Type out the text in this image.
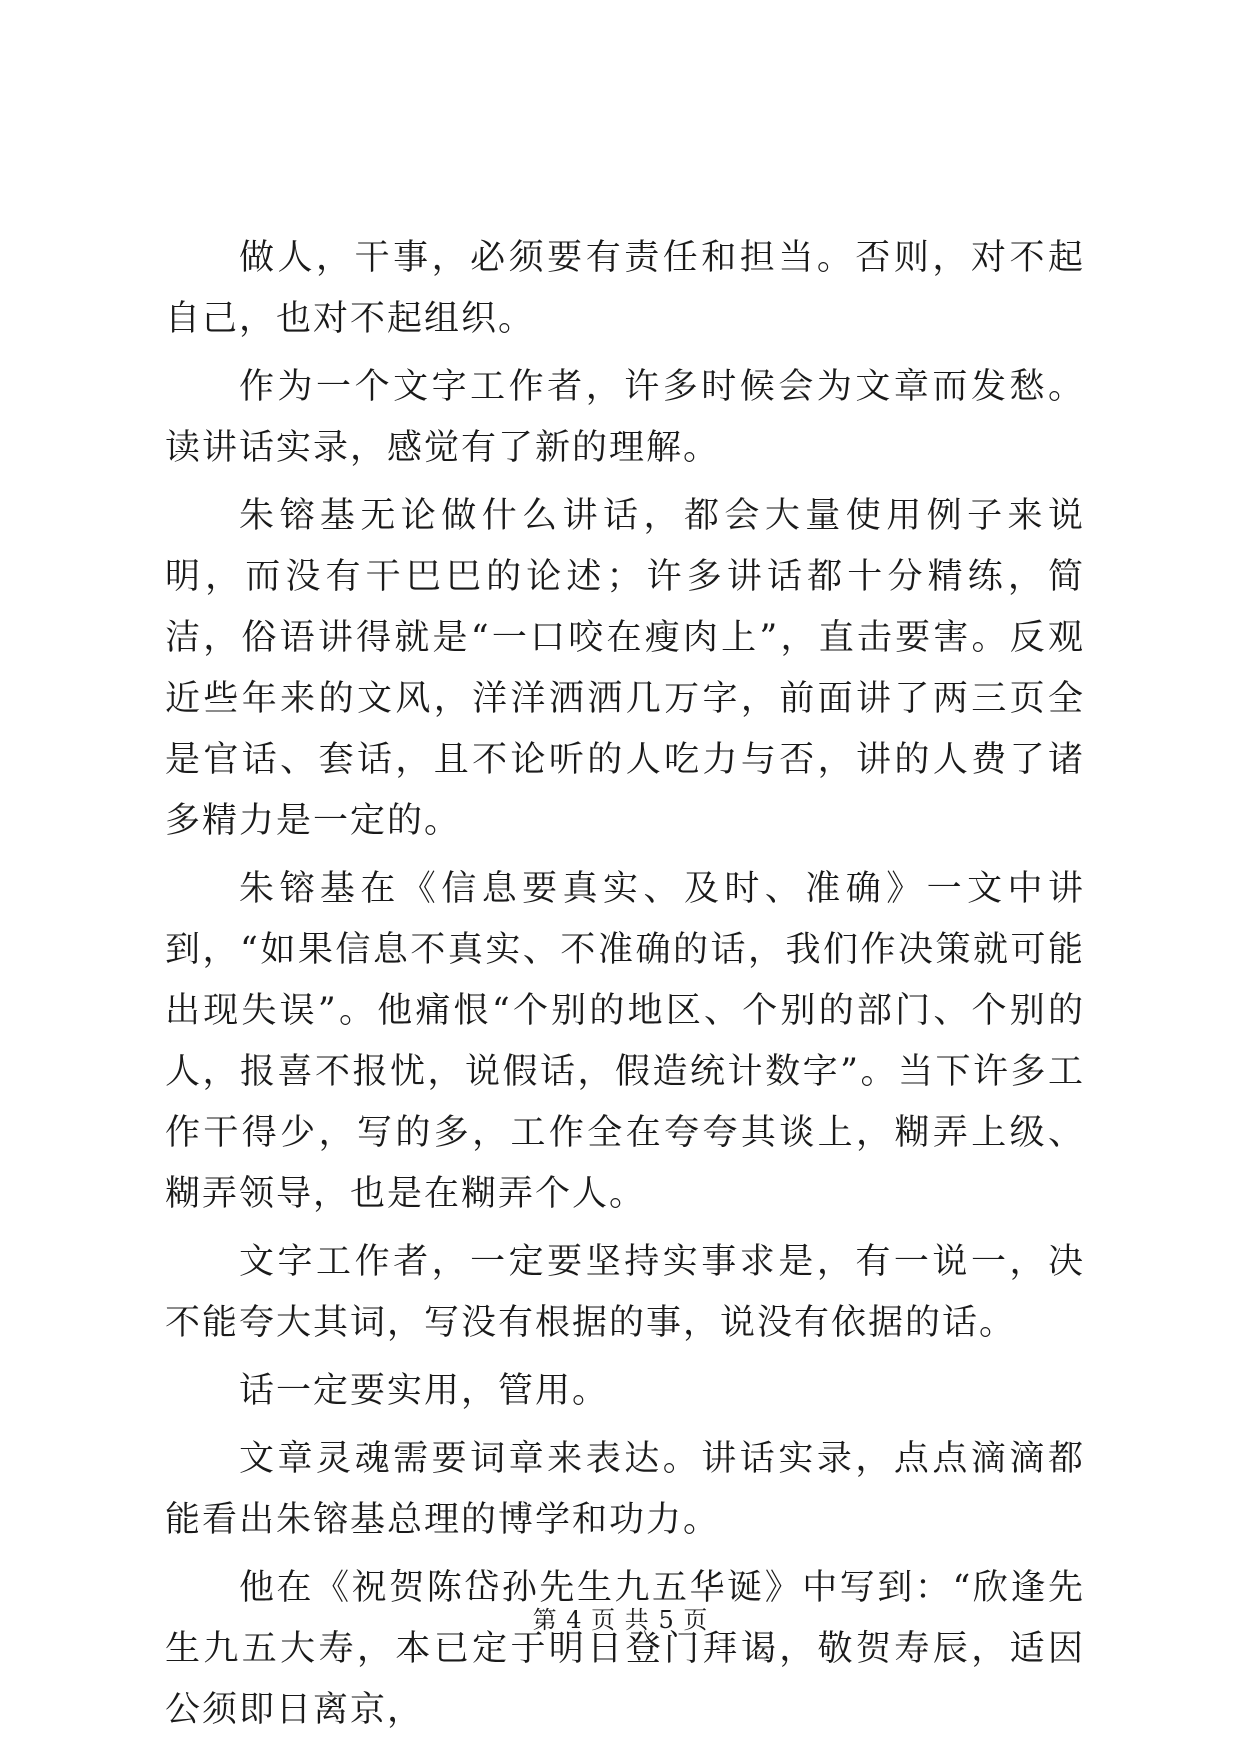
做人，干事，必须要有责任和担当。否则，对不起自己，也对不起组织。

作为一个文字工作者，许多时候会为文章而发愁。读讲话实录，感觉有了新的理解。

朱镕基无论做什么讲话，都会大量使用例子来说明，而没有干巴巴的论述；许多讲话都十分精练，简洁，俗语讲得就是“一口咬在瘦肉上”，直击要害。反观近些年来的文风，洋洋洒洒几万字，前面讲了两三页全是官话、套话，且不论听的人吃力与否，讲的人费了诸多精力是一定的。

朱镕基在《信息要真实、及时、准确》一文中讲到，“如果信息不真实、不准确的话，我们作决策就可能出现失误”。他痛恨“个别的地区、个别的部门、个别的人，报喜不报忧，说假话，假造统计数字”。当下许多工作干得少，写的多，工作全在夸夸其谈上，糊弄上级、糊弄领导，也是在糊弄个人。

文字工作者，一定要坚持实事求是，有一说一，决不能夸大其词，写没有根据的事，说没有依据的话。

话一定要实用，管用。

文章灵魂需要词章来表达。讲话实录，点点滴滴都能看出朱镕基总理的博学和功力。

他在《祝贺陈岱孙先生九五华诞》中写到：“欣逢先生九五大寿，本已定于明日登门拜谒，敬贺寿辰，适因公须即日离京，

第 4 页 共 5 页
